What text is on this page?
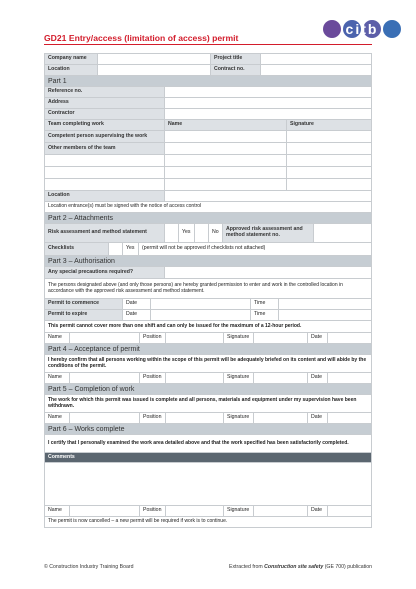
GD21 Entry/access (limitation of access) permit
citb
Company name	Project title
Location	Contract no.
Part 1
Reference no.
Address
Contractor
Team completing work	Name	Signature
Competent person supervising the work
Other members of the team
Location
Location entrance(s) must be signed with the notice of access control
Part 2 – Attachments
Risk assessment and method statement	Yes	No	Approved risk assessment and method statement no.
Checklists	Yes	(permit will not be approved if checklists not attached)
Part 3 – Authorisation
Any special precautions required?
The persons designated above (and only those persons) are hereby granted permission to enter and work in the controlled location in accordance with the approved risk assessment and method statement.
Permit to commence	Date	Time
Permit to expire	Date	Time
This permit cannot cover more than one shift and can only be issued for the maximum of a 12-hour period.
Name	Position	Signature	Date
Part 4 – Acceptance of permit
I hereby confirm that all persons working within the scope of this permit will be adequately briefed on its content and will abide by the conditions of the permit.
Name	Position	Signature	Date
Part 5 – Completion of work
The work for which this permit was issued is complete and all persons, materials and equipment under my supervision have been withdrawn.
Name	Position	Signature	Date
Part 6 – Works complete
I certify that I personally examined the work area detailed above and that the work specified has been satisfactorily completed.
Comments
Name	Position	Signature	Date
The permit is now cancelled – a new permit will be required if work is to continue.
© Construction Industry Training Board	Extracted from Construction site safety (GE 700) publication
